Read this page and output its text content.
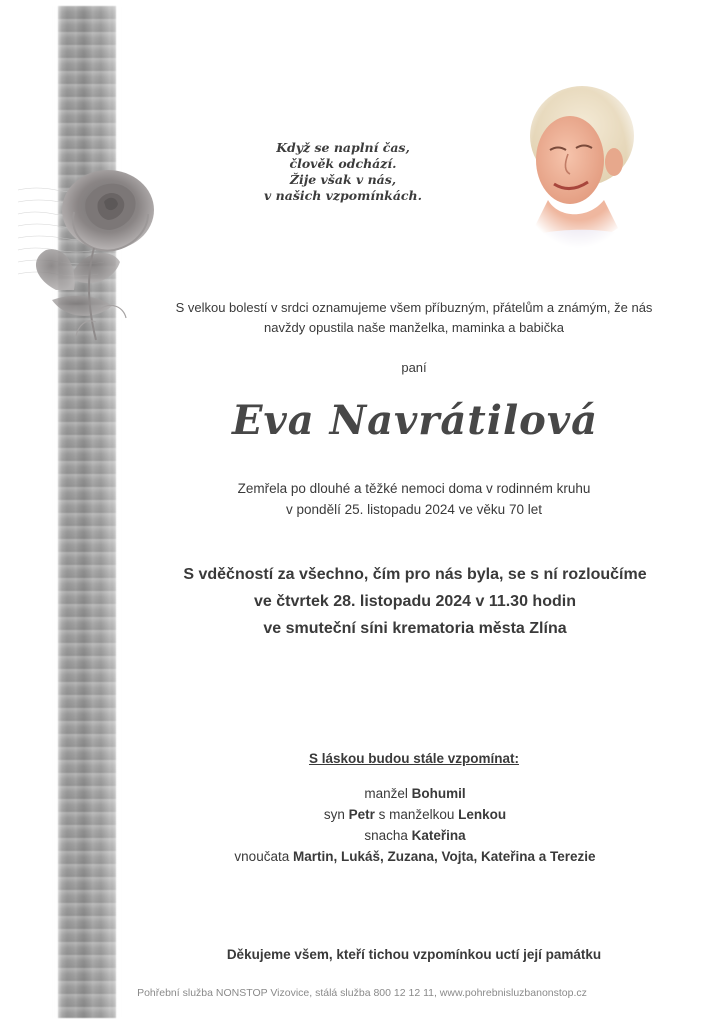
Když se naplní čas,
člověk odchází.
Žije však v nás,
v našich vzpomínkách.
S velkou bolestí v srdci oznamujeme všem příbuzným, přátelům a známým, že nás
navždy opustila naše manželka, maminka a babička
paní
Eva Navrátilová
Zemřela po dlouhé a těžké nemoci doma v rodinném kruhu
v pondělí 25. listopadu 2024 ve věku 70 let
S vděčností za všechno, čím pro nás byla, se s ní rozloučíme
ve čtvrtek 28. listopadu 2024 v 11.30 hodin
ve smuteční síni krematoria města Zlína
S láskou budou stále vzpomínat:
manžel Bohumil
syn Petr s manželkou Lenkou
snacha Kateřina
vnoučata Martin, Lukáš, Zuzana, Vojta, Kateřina a Terezie
Děkujeme všem, kteří tichou vzpomínkou uctí její památku
Pohřební služba NONSTOP Vizovice, stálá služba 800 12 12 11, www.pohrebnisluzbanonstop.cz
